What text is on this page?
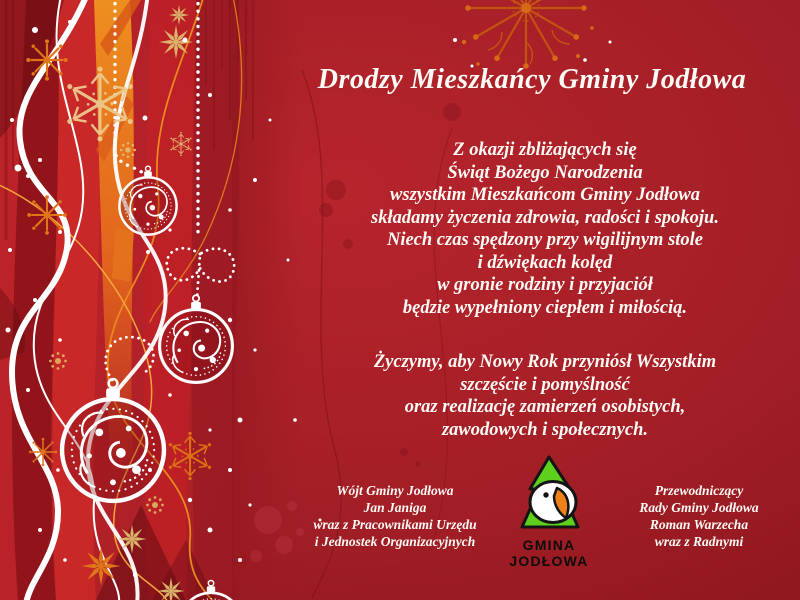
Drodzy Mieszkańcy Gminy Jodłowa
Z okazji zbliżających się
Świąt Bożego Narodzenia
wszystkim Mieszkańcom Gminy Jodłowa
składamy życzenia zdrowia, radości i spokoju.
Niech czas spędzony przy wigilijnym stole
i dźwiękach kolęd
w gronie rodziny i przyjaciół
będzie wypełniony ciepłem i miłością.
Życzymy, aby Nowy Rok przyniósł Wszystkim
szczęście i pomyślność
oraz realizację zamierzeń osobistych,
zawodowych i społecznych.
Wójt Gminy Jodłowa
Jan Janiga
wraz z Pracownikami Urzędu
i Jednostek Organizacyjnych
Przewodniczący
Rady Gminy Jodłowa
Roman Warzecha
wraz z Radnymi
GMINA
JODŁOWA
